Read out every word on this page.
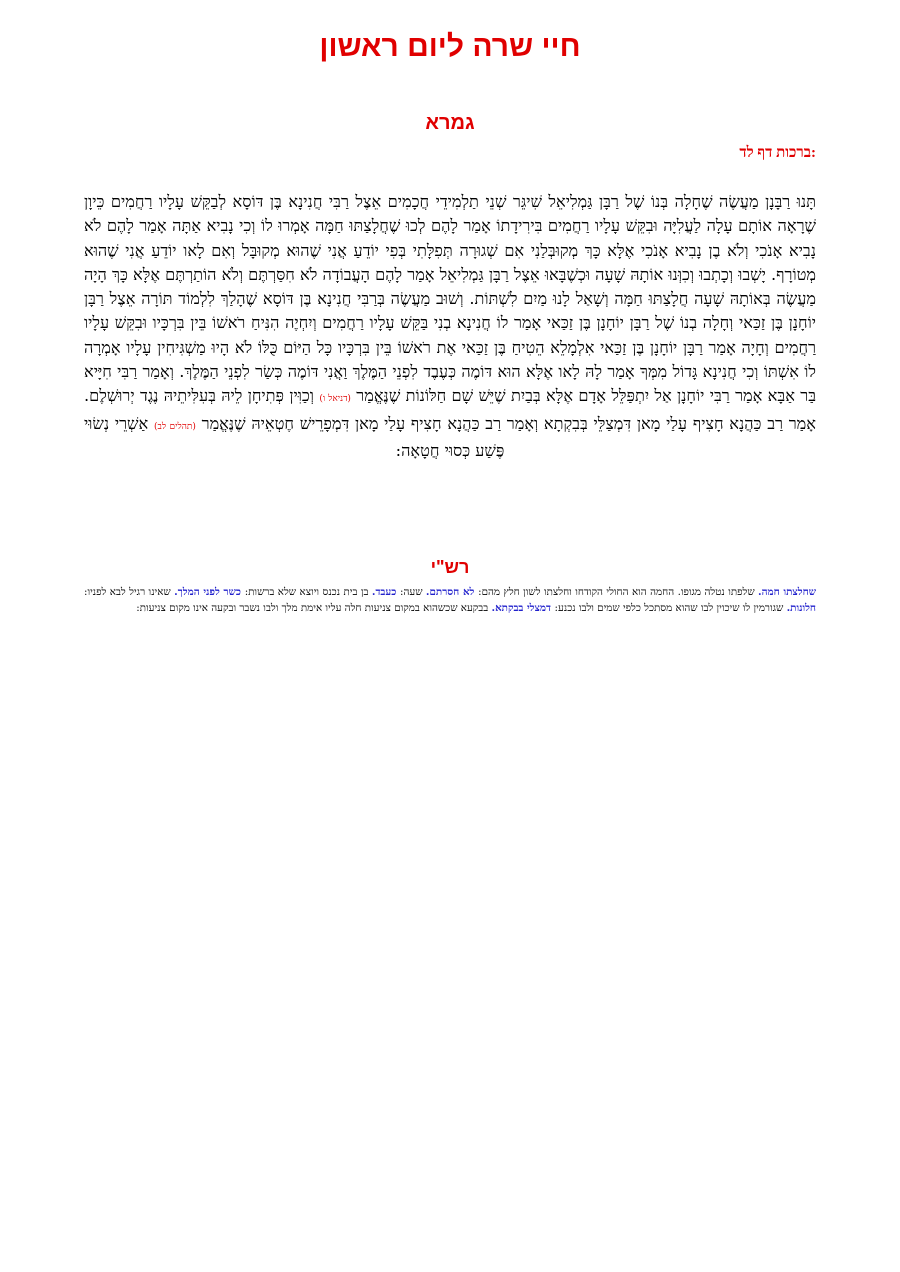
חיי שרה ליום ראשון
גמרא
ברכות דף לד:
תָּנוּ רַבָּנָן מַעֲשֶׂה שֶׁחָלָה בְּנוֹ שֶׁל רַבָּן גַּמְלִיאֵל שִׁיגֵּר שְׁנֵי תַלְמִידֵי חֲכָמִים אֵצֶל רַבִּי חֲנִינָא בֶּן דּוֹסָא לְבַקֵּשׁ עָלָיו רַחֲמִים כֵּיוָן שֶׁרָאָה אוֹתָם עָלָה לַעֲלִיָּה וּבִקֵּשׁ עָלָיו רַחֲמִים בִּירִידָתוֹ אָמַר לָהֶם לְכוּ שֶׁחֲלָצַתּוּ חַמָּה אָמְרוּ לוֹ וְכִי נָבִיא אַתָּה אָמַר לָהֶם לֹא נָבִיא אָנֹכִי וְלֹא בֶן נָבִיא אָנֹכִי אֶלָּא כָּךְ מְקוּבְּלַנִי אִם שְׁגוּרָה תְּפִלָּתִי בְּפִי יוֹדֵעַ אֲנִי שֶׁהוּא מְקוּבָּל וְאִם לָאו יוֹדֵעַ אֲנִי שֶׁהוּא מְטוֹרָף. יָשְׁבוּ וְכָתְבוּ וְכִוְּנוּ אוֹתָהּ שָׁעָה וּכְשֶׁבָּאוּ אֵצֶל רַבָּן גַּמְלִיאֵל אָמַר לָהֶם הָעֲבוֹדָה לֹא חִסַּרְתֶּם וְלֹא הוֹתַרְתֶּם אֶלָּא כָּךְ הָיָה מַעֲשֶׂה בְּאוֹתָהּ שָׁעָה חֲלָצַתּוּ חַמָּה וְשָׁאַל לָנוּ מַיִם לִשְׁתּוֹת. וְשׁוּב מַעֲשֶׂה בְּרַבִּי חֲנִינָא בֶּן דּוֹסָא שֶׁהָלַךְ לִלְמוֹד תּוֹרָה אֵצֶל רַבָּן יוֹחָנָן בֶּן זַכַּאי וְחָלָה בְנוֹ שֶׁל רַבָּן יוֹחָנָן בֶּן זַכַּאי אָמַר לוֹ חֲנִינָא בְנִי בַּקֵּשׁ עָלָיו רַחֲמִים וְיִחְיֶה הִנִּיחַ רֹאשׁוֹ בֵּין בִּרְכָּיו וּבִקֵּשׁ עָלָיו רַחֲמִים וְחָיָה אָמַר רַבָּן יוֹחָנָן בֶּן זַכַּאי אִלְמָלֵא הֵטִיחַ בֶּן זַכַּאי אֶת רֹאשׁוֹ בֵּין בִּרְכָּיו כָּל הַיּוֹם כֻּלּוֹ לֹא הָיוּ מַשְׁגִּיחִין עָלָיו אָמְרָה לוֹ אִשְׁתּוֹ וְכִי חֲנִינָא גָּדוֹל מִמְּךָ אָמַר לָהּ לָאו אֶלָּא הוּא דּוֹמֶה כְּעֶבֶד לִפְנֵי הַמֶּלֶךְ וַאֲנִי דּוֹמֶה כְּשַׂר לִפְנֵי הַמֶּלֶךְ. וְאָמַר רַבִּי חִיָּיא בַּר אַבָּא אָמַר רַבִּי יוֹחָנָן אַל יִתְפַּלֵּל אָדָם אֶלָּא בְּבַיִת שֶׁיֵּשׁ שָׁם חַלּוֹנוֹת שֶׁנֶּאֱמַר (דניאל ו) וְכַוִּין פְּתִיחָן לֵיהּ בְּעִלִּיתֵיהּ נֶגֶד יְרוּשְׁלֶם. אָמַר רַב כַּהֲנָא חָצִיף עָלַי מָאן דִּמְצַלֵּי בְּבִקְתָא וְאָמַר רַב כַּהֲנָא חָצִיף עָלַי מָאן דִּמְפָרֵישׁ חֶטְאֵיהּ שֶׁנֶּאֱמַר (תהלים לב) אַשְׁרֵי נְשׂוּי פֶּשַׁע כְּסוּי חֲטָאָה:
רש"י
שחלצתו חמה. שלפתו נטלה מגופו. החמה הוא החולי הקודחו וחלצתו לשון חלץ מהם: לא חסרתם. שעה: כעבד. בן בית נכנס ויוצא שלא ברשות: כשר לפני המלך. שאינו רגיל לבא לפניו: חלונות. שגורמין לו שיכוין לבו שהוא מסתכל כלפי שמים ולבו נכנע: דמצלי בבקתא. בבקעא שכשהוא במקום צניעות חלה עליו אימת מלך ולבו נשבר ובקעה אינו מקום צניעות:
